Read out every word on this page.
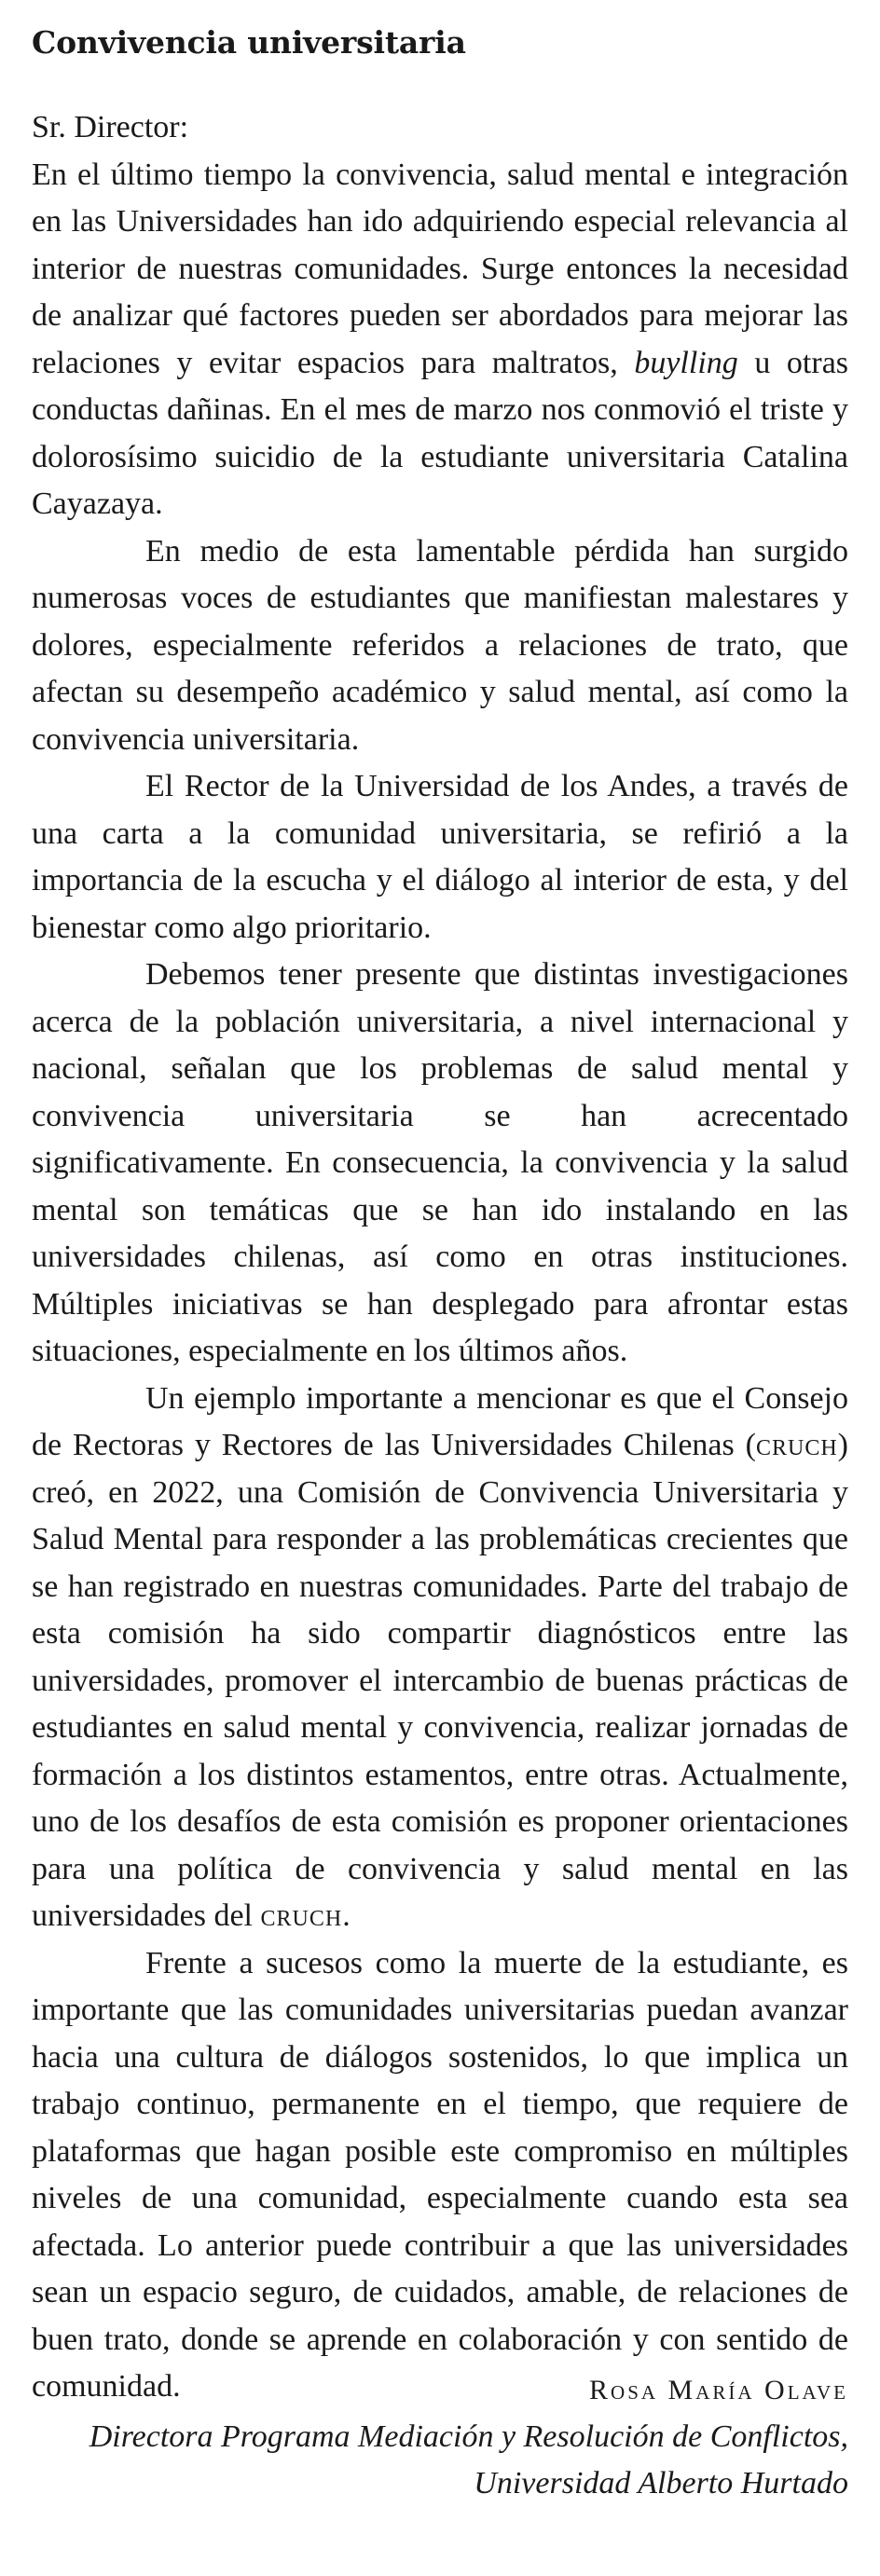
Convivencia universitaria

Sr. Director:

En el último tiempo la convivencia, salud mental e integración en las Universidades han ido adquiriendo especial relevancia al interior de nuestras comunidades. Surge entonces la necesidad de analizar qué factores pueden ser abordados para mejorar las relaciones y evitar espacios para maltratos, buylling u otras conductas dañinas. En el mes de marzo nos conmovió el triste y dolorosísimo suicidio de la estudiante universitaria Catalina Cayazaya.

En medio de esta lamentable pérdida han surgido numerosas voces de estudiantes que manifiestan malestares y dolores, especialmente referidos a relaciones de trato, que afectan su desempeño académico y salud mental, así como la convivencia universitaria.

El Rector de la Universidad de los Andes, a través de una carta a la comunidad universitaria, se refirió a la importancia de la escucha y el diálogo al interior de esta, y del bienestar como algo prioritario.

Debemos tener presente que distintas investigaciones acerca de la población universitaria, a nivel internacional y nacional, señalan que los problemas de salud mental y convivencia universitaria se han acrecentado significativamente. En consecuencia, la convivencia y la salud mental son temáticas que se han ido instalando en las universidades chilenas, así como en otras instituciones. Múltiples iniciativas se han desplegado para afrontar estas situaciones, especialmente en los últimos años.

Un ejemplo importante a mencionar es que el Consejo de Rectoras y Rectores de las Universidades Chilenas (cruch) creó, en 2022, una Comisión de Convivencia Universitaria y Salud Mental para responder a las problemáticas crecientes que se han registrado en nuestras comunidades. Parte del trabajo de esta comisión ha sido compartir diagnósticos entre las universidades, promover el intercambio de buenas prácticas de estudiantes en salud mental y convivencia, realizar jornadas de formación a los distintos estamentos, entre otras. Actualmente, uno de los desafíos de esta comisión es proponer orientaciones para una política de convivencia y salud mental en las universidades del cruch.

Frente a sucesos como la muerte de la estudiante, es importante que las comunidades universitarias puedan avanzar hacia una cultura de diálogos sostenidos, lo que implica un trabajo continuo, permanente en el tiempo, que requiere de plataformas que hagan posible este compromiso en múltiples niveles de una comunidad, especialmente cuando esta sea afectada. Lo anterior puede contribuir a que las universidades sean un espacio seguro, de cuidados, amable, de relaciones de buen trato, donde se aprende en colaboración y con sentido de comunidad.	Rosa María Olave
Directora Programa Mediación y Resolución de Conflictos,
Universidad Alberto Hurtado
